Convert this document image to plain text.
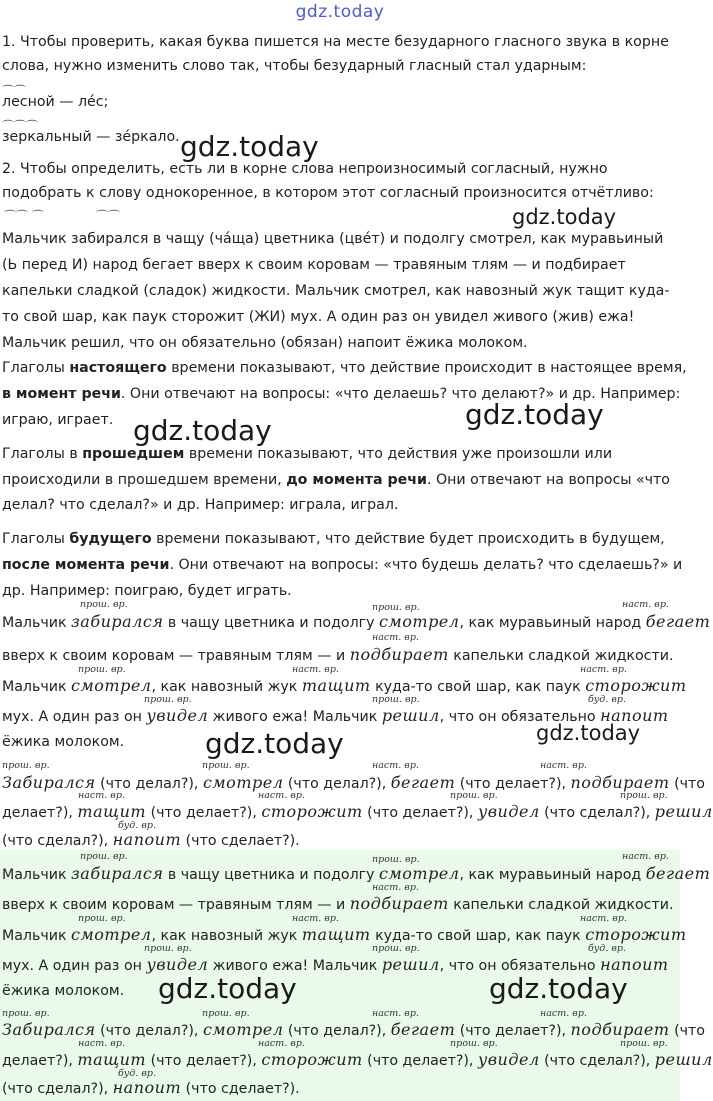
gdz.today
1. Чтобы проверить, какая буква пишется на месте безударного гласного звука в корне
слова, нужно изменить слово так, чтобы безударный гласный стал ударным:
⌒⌒
лесной — лéс;
⌒⌒⌒
зеркальный — зéркало. gdz.today
2. Чтобы определить, есть ли в корне слова непроизносимый согласный, нужно
подобрать к слову однокоренное, в котором этот согласный произносится отчётливо:
⌒⌒ ⌒	⌒⌒	gdz.today
Мальчик забирался в чащу (чáща) цветника (цвéт) и подолгу смотрел, как муравьиный
(Ь перед И) народ бегает вверх к своим коровам — травяным тлям — и подбирает
капельки сладкой (сладок) жидкости. Мальчик смотрел, как навозный жук тащит куда-
то свой шар, как паук сторожит (ЖИ) мух. А один раз он увидел живого (жив) ежа!
Мальчик решил, что он обязательно (обязан) напоит ёжика молоком.
Глаголы настоящего времени показывают, что действие происходит в настоящее время,
в момент речи. Они отвечают на вопросы: «что делаешь? что делают?» и др. Например:
играю, играет.	gdz.today
gdz.today
Глаголы в прошедшем времени показывают, что действия уже произошли или
происходили в прошедшем времени, до момента речи. Они отвечают на вопросы «что
делал? что сделал?» и др. Например: играла, играл.
Глаголы будущего времени показывают, что действие будет происходить в будущем,
после момента речи. Они отвечают на вопросы: «что будешь делать? что сделаешь?» и
др. Например: поиграю, будет играть.
прош. вр.	прош. вр.	наст. вр.
Мальчик забирался в чащу цветника и подолгу смотрел, как муравьиный народ бегает
наст. вр.
вверх к своим коровам — травяным тлям — и подбирает капельки сладкой жидкости.
прош. вр.	наст. вр.	наст. вр.
Мальчик смотрел, как навозный жук тащит куда-то свой шар, как паук сторожит
прош. вр.	прош. вр.	буд. вр.
мух. А один раз он увидел живого ежа! Мальчик решил, что он обязательно напоит
ёжика молоком.	gdz.today	gdz.today
прош. вр.	прош. вр.	наст. вр.	наст. вр.
Забирался (что делал?), смотрел (что делал?), бегает (что делает?), подбирает (что
наст. вр.	наст. вр.	прош. вр.	прош. вр.
делает?), тащит (что делает?), сторожит (что делает?), увидел (что сделал?), решил
буд. вр.
(что сделал?), напоит (что сделает?).
прош. вр.	прош. вр.	наст. вр.
Мальчик забирался в чащу цветника и подолгу смотрел, как муравьиный народ бегает
наст. вр.
вверх к своим коровам — травяным тлям — и подбирает капельки сладкой жидкости.
прош. вр.	наст. вр.	наст. вр.
Мальчик смотрел, как навозный жук тащит куда-то свой шар, как паук сторожит
прош. вр.	прош. вр.	буд. вр.
мух. А один раз он увидел живого ежа! Мальчик решил, что он обязательно напоит
ёжика молоком.	gdz.today	gdz.today
прош. вр.	прош. вр.	наст. вр.	наст. вр.
Забирался (что делал?), смотрел (что делал?), бегает (что делает?), подбирает (что
наст. вр.	наст. вр.	прош. вр.	прош. вр.
делает?), тащит (что делает?), сторожит (что делает?), увидел (что сделал?), решил
буд. вр.
(что сделал?), напоит (что сделает?).
